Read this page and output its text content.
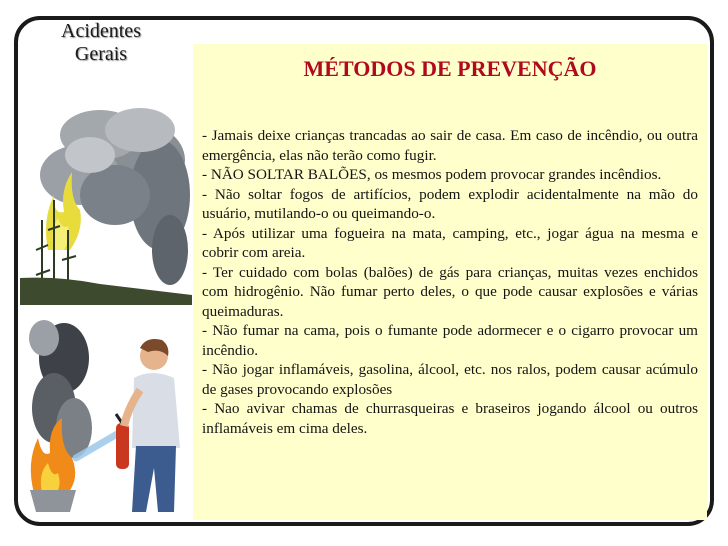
Acidentes
Gerais
MÉTODOS DE PREVENÇÃO

- Jamais deixe crianças trancadas ao sair de casa. Em caso de incêndio, ou outra emergência, elas não terão como fugir.

- NÃO SOLTAR BALÕES, os mesmos podem provocar grandes incêndios.

- Não soltar fogos de artifícios, podem explodir acidentalmente na mão do usuário, mutilando-o ou queimando-o.

- Após utilizar uma fogueira na mata, camping, etc., jogar água na mesma e cobrir com areia.

- Ter cuidado com bolas (balões) de gás para crianças, muitas vezes enchidos com hidrogênio. Não fumar perto deles, o que pode causar explosões e várias queimaduras.

- Não fumar na cama, pois o fumante pode adormecer e o cigarro provocar um incêndio.

- Não jogar inflamáveis, gasolina, álcool, etc. nos ralos, podem causar acúmulo de gases provocando explosões

- Nao avivar chamas de churrasqueiras e braseiros jogando álcool ou outros inflamáveis em cima deles.
